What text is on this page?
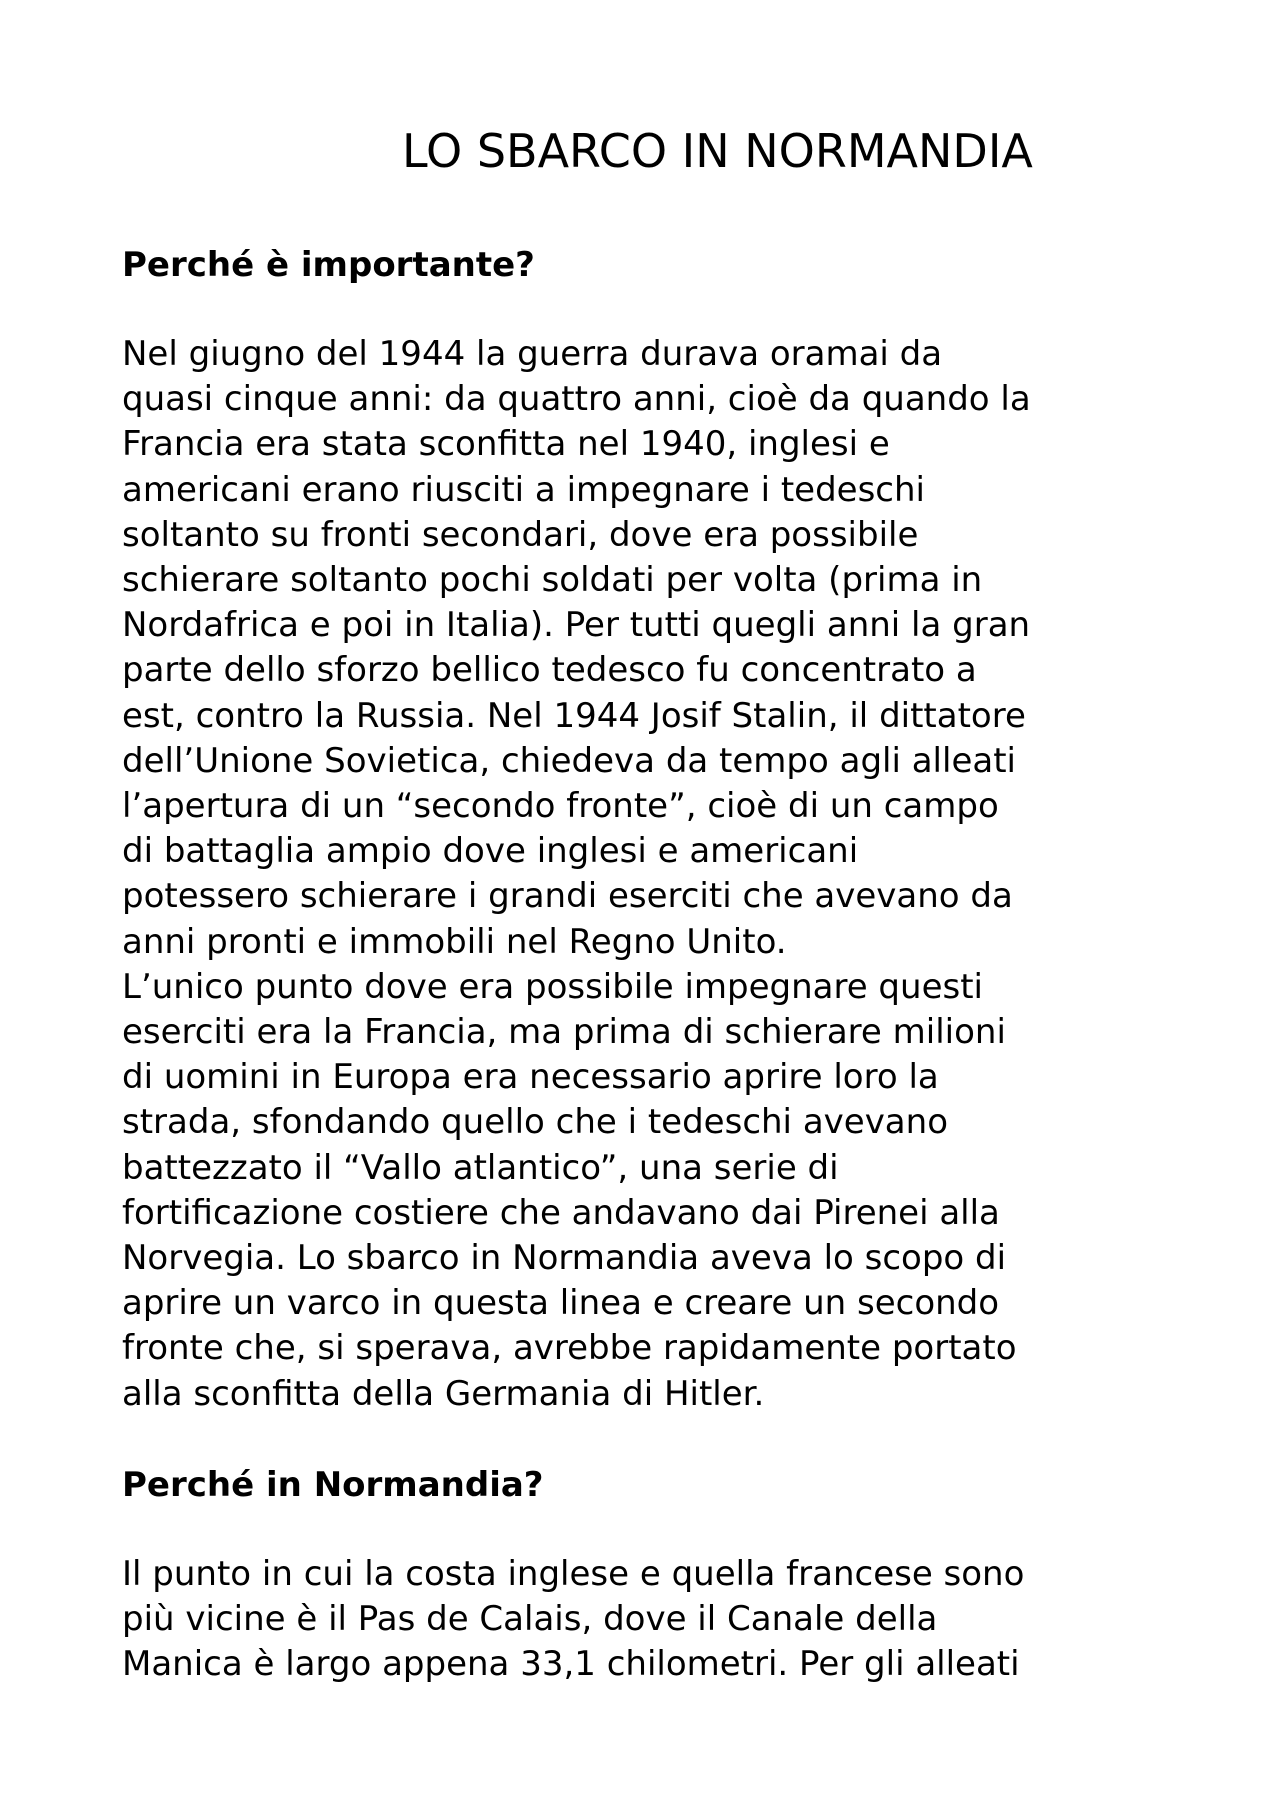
LO SBARCO IN NORMANDIA
Perché è importante?
Nel giugno del 1944 la guerra durava oramai da
quasi cinque anni: da quattro anni, cioè da quando la
Francia era stata sconfitta nel 1940, inglesi e
americani erano riusciti a impegnare i tedeschi
soltanto su fronti secondari, dove era possibile
schierare soltanto pochi soldati per volta (prima in
Nordafrica e poi in Italia). Per tutti quegli anni la gran
parte dello sforzo bellico tedesco fu concentrato a
est, contro la Russia. Nel 1944 Josif Stalin, il dittatore
dell’Unione Sovietica, chiedeva da tempo agli alleati
l’apertura di un “secondo fronte”, cioè di un campo
di battaglia ampio dove inglesi e americani
potessero schierare i grandi eserciti che avevano da
anni pronti e immobili nel Regno Unito.
L’unico punto dove era possibile impegnare questi
eserciti era la Francia, ma prima di schierare milioni
di uomini in Europa era necessario aprire loro la
strada, sfondando quello che i tedeschi avevano
battezzato il “Vallo atlantico”, una serie di
fortificazione costiere che andavano dai Pirenei alla
Norvegia. Lo sbarco in Normandia aveva lo scopo di
aprire un varco in questa linea e creare un secondo
fronte che, si sperava, avrebbe rapidamente portato
alla sconfitta della Germania di Hitler.
Perché in Normandia?
Il punto in cui la costa inglese e quella francese sono
più vicine è il Pas de Calais, dove il Canale della
Manica è largo appena 33,1 chilometri. Per gli alleati
